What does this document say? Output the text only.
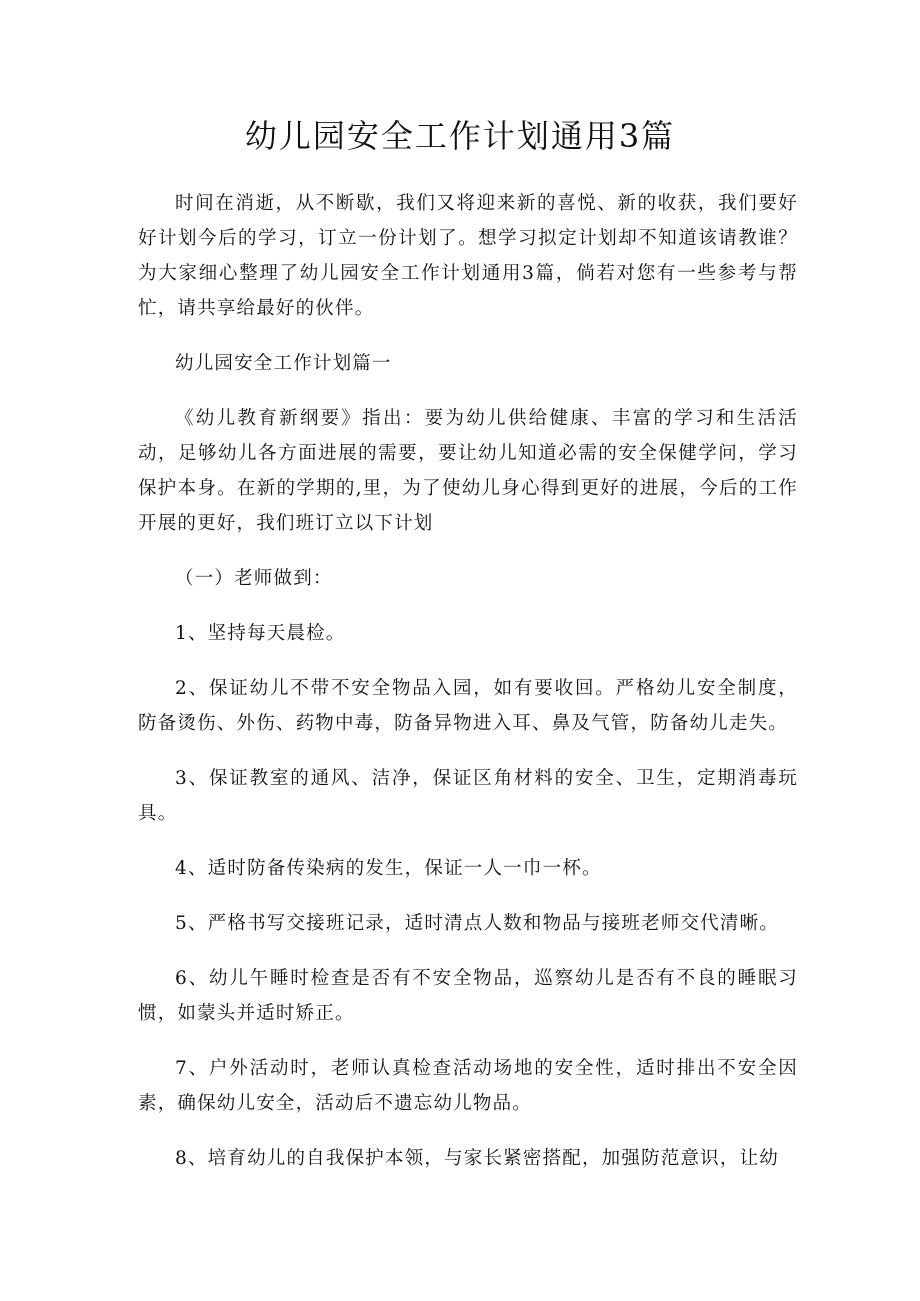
幼儿园安全工作计划通用3篇

时间在消逝，从不断歇，我们又将迎来新的喜悦、新的收获，我们要好好计划今后的学习，订立一份计划了。想学习拟定计划却不知道该请教谁？为大家细心整理了幼儿园安全工作计划通用3篇，倘若对您有一些参考与帮忙，请共享给最好的伙伴。

幼儿园安全工作计划篇一

《幼儿教育新纲要》指出：要为幼儿供给健康、丰富的学习和生活活动，足够幼儿各方面进展的需要，要让幼儿知道必需的安全保健学问，学习保护本身。在新的学期的,里，为了使幼儿身心得到更好的进展，今后的工作开展的更好，我们班订立以下计划

（一）老师做到：

1、坚持每天晨检。

2、保证幼儿不带不安全物品入园，如有要收回。严格幼儿安全制度，防备烫伤、外伤、药物中毒，防备异物进入耳、鼻及气管，防备幼儿走失。

3、保证教室的通风、洁净，保证区角材料的安全、卫生，定期消毒玩具。

4、适时防备传染病的发生，保证一人一巾一杯。

5、严格书写交接班记录，适时清点人数和物品与接班老师交代清晰。

6、幼儿午睡时检查是否有不安全物品，巡察幼儿是否有不良的睡眠习惯，如蒙头并适时矫正。

7、户外活动时，老师认真检查活动场地的安全性，适时排出不安全因素，确保幼儿安全，活动后不遗忘幼儿物品。

8、培育幼儿的自我保护本领，与家长紧密搭配，加强防范意识，让幼
